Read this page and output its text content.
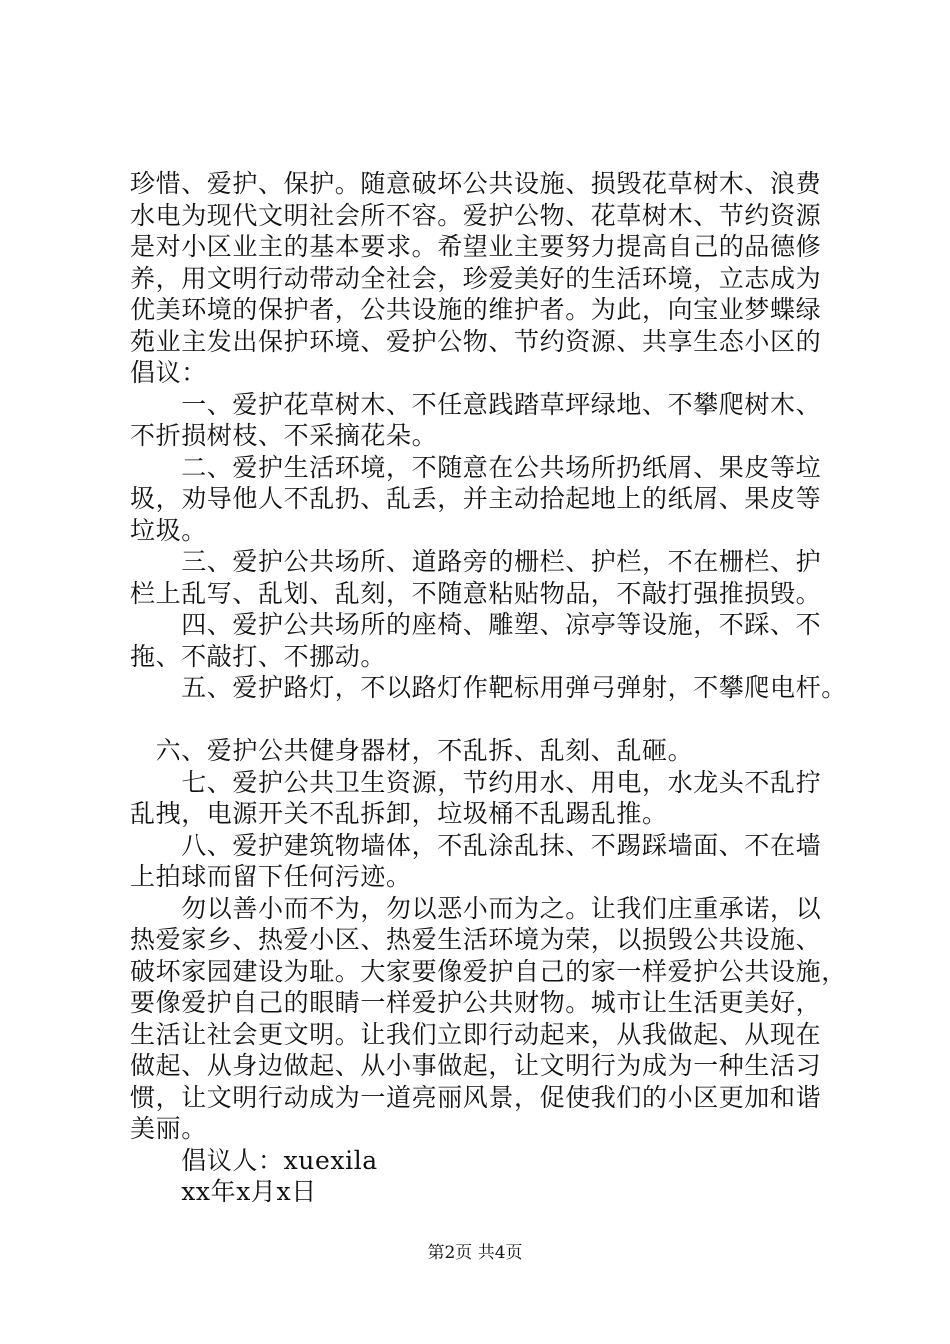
珍惜、爱护、保护。随意破坏公共设施、损毁花草树木、浪费
水电为现代文明社会所不容。爱护公物、花草树木、节约资源
是对小区业主的基本要求。希望业主要努力提高自己的品德修
养，用文明行动带动全社会，珍爱美好的生活环境，立志成为
优美环境的保护者，公共设施的维护者。为此，向宝业梦蝶绿
苑业主发出保护环境、爱护公物、节约资源、共享生态小区的
倡议：
　　一、爱护花草树木、不任意践踏草坪绿地、不攀爬树木、
不折损树枝、不采摘花朵。
　　二、爱护生活环境，不随意在公共场所扔纸屑、果皮等垃
圾，劝导他人不乱扔、乱丢，并主动拾起地上的纸屑、果皮等
垃圾。
　　三、爱护公共场所、道路旁的栅栏、护栏，不在栅栏、护
栏上乱写、乱划、乱刻，不随意粘贴物品，不敲打强推损毁。
　　四、爱护公共场所的座椅、雕塑、凉亭等设施，不踩、不
拖、不敲打、不挪动。
　　五、爱护路灯，不以路灯作靶标用弹弓弹射，不攀爬电杆。
　六、爱护公共健身器材，不乱拆、乱刻、乱砸。
　　七、爱护公共卫生资源，节约用水、用电，水龙头不乱拧
乱拽，电源开关不乱拆卸，垃圾桶不乱踢乱推。
　　八、爱护建筑物墙体，不乱涂乱抹、不踢踩墙面、不在墙
上拍球而留下任何污迹。
　　勿以善小而不为，勿以恶小而为之。让我们庄重承诺，以
热爱家乡、热爱小区、热爱生活环境为荣，以损毁公共设施、
破坏家园建设为耻。大家要像爱护自己的家一样爱护公共设施，
要像爱护自己的眼睛一样爱护公共财物。城市让生活更美好，
生活让社会更文明。让我们立即行动起来，从我做起、从现在
做起、从身边做起、从小事做起，让文明行为成为一种生活习
惯，让文明行动成为一道亮丽风景，促使我们的小区更加和谐
美丽。
　　倡议人：xuexila
　　xx年x月x日
第2页 共4页
